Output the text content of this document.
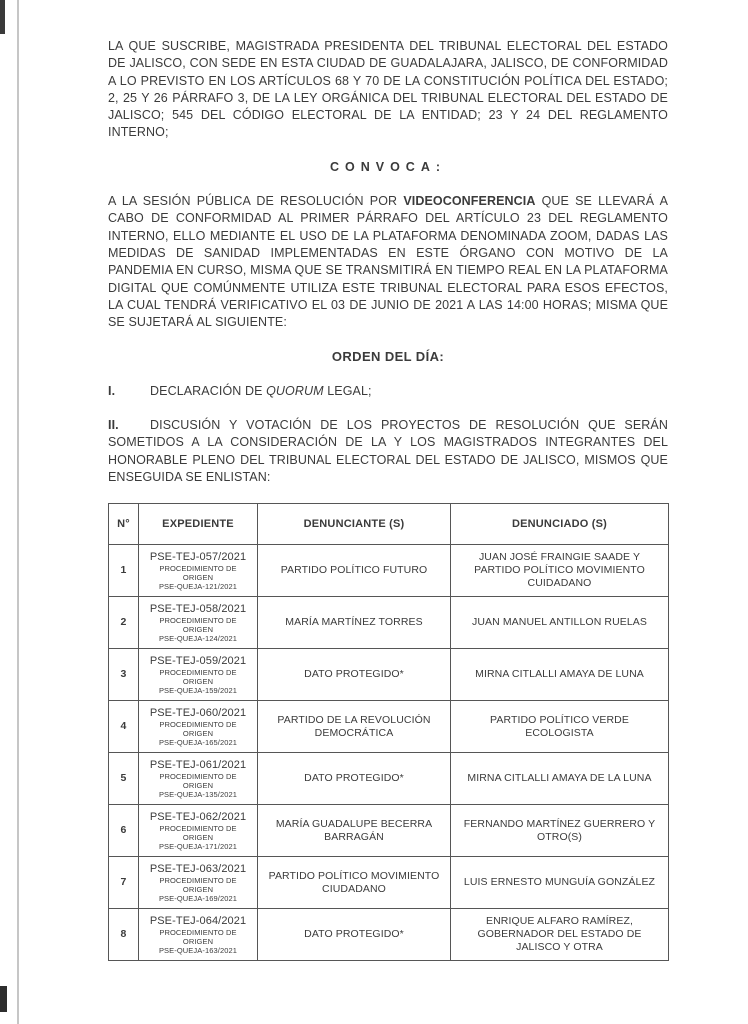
LA QUE SUSCRIBE, MAGISTRADA PRESIDENTA DEL TRIBUNAL ELECTORAL DEL ESTADO DE JALISCO, CON SEDE EN ESTA CIUDAD DE GUADALAJARA, JALISCO, DE CONFORMIDAD A LO PREVISTO EN LOS ARTÍCULOS 68 Y 70 DE LA CONSTITUCIÓN POLÍTICA DEL ESTADO; 2, 25 Y 26 PÁRRAFO 3, DE LA LEY ORGÁNICA DEL TRIBUNAL ELECTORAL DEL ESTADO DE JALISCO; 545 DEL CÓDIGO ELECTORAL DE LA ENTIDAD; 23 Y 24 DEL REGLAMENTO INTERNO;

CONVOCA:

A LA SESIÓN PÚBLICA DE RESOLUCIÓN POR VIDEOCONFERENCIA QUE SE LLEVARÁ A CABO DE CONFORMIDAD AL PRIMER PÁRRAFO DEL ARTÍCULO 23 DEL REGLAMENTO INTERNO, ELLO MEDIANTE EL USO DE LA PLATAFORMA DENOMINADA ZOOM, DADAS LAS MEDIDAS DE SANIDAD IMPLEMENTADAS EN ESTE ÓRGANO CON MOTIVO DE LA PANDEMIA EN CURSO, MISMA QUE SE TRANSMITIRÁ EN TIEMPO REAL EN LA PLATAFORMA DIGITAL QUE COMÚNMENTE UTILIZA ESTE TRIBUNAL ELECTORAL PARA ESOS EFECTOS, LA CUAL TENDRÁ VERIFICATIVO EL 03 DE JUNIO DE 2021 A LAS 14:00 HORAS; MISMA QUE SE SUJETARÁ AL SIGUIENTE:

ORDEN DEL DÍA:

I.	DECLARACIÓN DE QUORUM LEGAL;

II.	DISCUSIÓN Y VOTACIÓN DE LOS PROYECTOS DE RESOLUCIÓN QUE SERÁN SOMETIDOS A LA CONSIDERACIÓN DE LA Y LOS MAGISTRADOS INTEGRANTES DEL HONORABLE PLENO DEL TRIBUNAL ELECTORAL DEL ESTADO DE JALISCO, MISMOS QUE ENSEGUIDA SE ENLISTAN:

N°	EXPEDIENTE	DENUNCIANTE (S)	DENUNCIADO (S)
1	PSE-TEJ-057/2021
PROCEDIMIENTO DE ORIGEN
PSE-QUEJA-121/2021	PARTIDO POLÍTICO FUTURO	JUAN JOSÉ FRAINGIE SAADE Y PARTIDO POLÍTICO MOVIMIENTO CUIDADANO
2	PSE-TEJ-058/2021
PROCEDIMIENTO DE ORIGEN
PSE-QUEJA-124/2021	MARÍA MARTÍNEZ TORRES	JUAN MANUEL ANTILLON RUELAS
3	PSE-TEJ-059/2021
PROCEDIMIENTO DE ORIGEN
PSE-QUEJA-159/2021	DATO PROTEGIDO*	MIRNA CITLALLI AMAYA DE LUNA
4	PSE-TEJ-060/2021
PROCEDIMIENTO DE ORIGEN
PSE-QUEJA-165/2021	PARTIDO DE LA REVOLUCIÓN DEMOCRÁTICA	PARTIDO POLÍTICO VERDE ECOLOGISTA
5	PSE-TEJ-061/2021
PROCEDIMIENTO DE ORIGEN
PSE-QUEJA-135/2021	DATO PROTEGIDO*	MIRNA CITLALLI AMAYA DE LA LUNA
6	PSE-TEJ-062/2021
PROCEDIMIENTO DE ORIGEN
PSE-QUEJA-171/2021	MARÍA GUADALUPE BECERRA BARRAGÁN	FERNANDO MARTÍNEZ GUERRERO Y OTRO(S)
7	PSE-TEJ-063/2021
PROCEDIMIENTO DE ORIGEN
PSE-QUEJA-169/2021	PARTIDO POLÍTICO MOVIMIENTO CIUDADANO	LUIS ERNESTO MUNGUÍA GONZÁLEZ
8	PSE-TEJ-064/2021
PROCEDIMIENTO DE ORIGEN
PSE-QUEJA-163/2021	DATO PROTEGIDO*	ENRIQUE ALFARO RAMÍREZ, GOBERNADOR DEL ESTADO DE JALISCO Y OTRA
